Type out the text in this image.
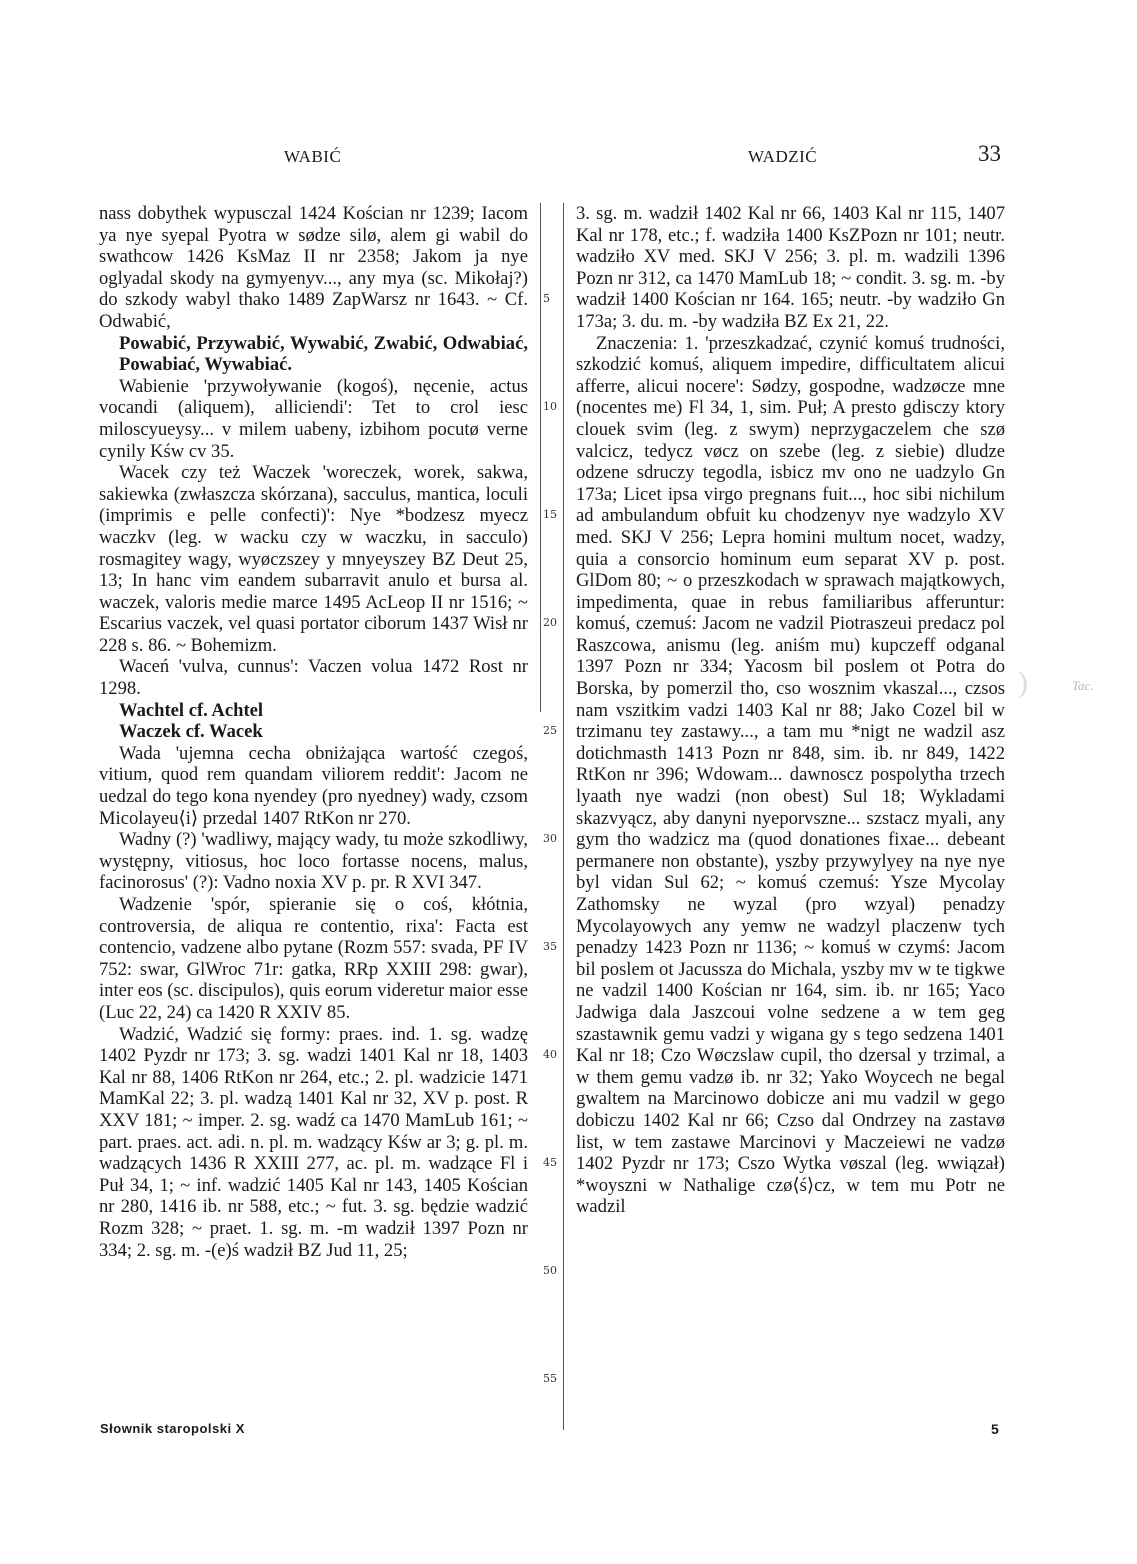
WABIĆ	WADZIĆ	33

nass dobythek wypusczal 1424 Kościan nr 1239; Iacom ya nye syepal Pyotra w sødze silø, alem gi wabil do swathcow 1426 KsMaz II nr 2358; Jakom ja nye oglyadal skody na gymyenyv..., any mya (sc. Mikołaj?) do szkody wabyl thako 1489 ZapWarsz nr 1643. ~ Cf. Odwabić,

Powabić, Przywabić, Wywabić, Zwabić, Odwabiać, Powabiać, Wywabiać.

Wabienie 'przywoływanie (kogoś), nęcenie, actus vocandi (aliquem), alliciendi': Tet to crol iesc miloscyueysy... v milem uabeny, izbihom pocutø verne cynily Kśw cv 35.

Wacek czy też Waczek 'woreczek, worek, sakwa, sakiewka (zwłaszcza skórzana), sacculus, mantica, loculi (imprimis e pelle confecti)': Nye *bodzesz myecz waczkv (leg. w wacku czy w waczku, in sacculo) rosmagitey wagy, wyøczszey y mnyeyszey BZ Deut 25, 13; In hanc vim eandem subarravit anulo et bursa al. waczek, valoris medie marce 1495 AcLeop II nr 1516; ~ Escarius vaczek, vel quasi portator ciborum 1437 Wisł nr 228 s. 86. ~ Bohemizm.

Waceń 'vulva, cunnus': Vaczen volua 1472 Rost nr 1298.

Wachtel cf. Achtel

Waczek cf. Wacek

Wada 'ujemna cecha obniżająca wartość czegoś, vitium, quod rem quandam viliorem reddit': Jacom ne uedzal do tego kona nyendey (pro nyedney) wady, czsom Micolayeu⟨i⟩ przedal 1407 RtKon nr 270.

Wadny (?) 'wadliwy, mający wady, tu może szkodliwy, występny, vitiosus, hoc loco fortasse nocens, malus, facinorosus' (?): Vadno noxia XV p. pr. R XVI 347.

Wadzenie 'spór, spieranie się o coś, kłótnia, controversia, de aliqua re contentio, rixa': Facta est contencio, vadzene albo pytane (Rozm 557: svada, PF IV 752: swar, GlWroc 71r: gatka, RRp XXIII 298: gwar), inter eos (sc. discipulos), quis eorum videretur maior esse (Luc 22, 24) ca 1420 R XXIV 85.

Wadzić, Wadzić się formy: praes. ind. 1. sg. wadzę 1402 Pyzdr nr 173; 3. sg. wadzi 1401 Kal nr 18, 1403 Kal nr 88, 1406 RtKon nr 264, etc.; 2. pl. wadzicie 1471 MamKal 22; 3. pl. wadzą 1401 Kal nr 32, XV p. post. R XXV 181; ~ imper. 2. sg. wadź ca 1470 MamLub 161; ~ part. praes. act. adi. n. pl. m. wadzący Kśw ar 3; g. pl. m. wadzących 1436 R XXIII 277, ac. pl. m. wadzące Fl i Puł 34, 1; ~ inf. wadzić 1405 Kal nr 143, 1405 Kościan nr 280, 1416 ib. nr 588, etc.; ~ fut. 3. sg. będzie wadzić Rozm 328; ~ praet. 1. sg. m. -m wadził 1397 Pozn nr 334; 2. sg. m. -(e)ś wadził BZ Jud 11, 25;

5
10
15
20
25
30
35
40
45
50
55

3. sg. m. wadził 1402 Kal nr 66, 1403 Kal nr 115, 1407 Kal nr 178, etc.; f. wadziła 1400 KsZPozn nr 101; neutr. wadziło XV med. SKJ V 256; 3. pl. m. wadzili 1396 Pozn nr 312, ca 1470 MamLub 18; ~ condit. 3. sg. m. -by wadził 1400 Kościan nr 164. 165; neutr. -by wadziło Gn 173a; 3. du. m. -by wadziła BZ Ex 21, 22.

Znaczenia: 1. 'przeszkadzać, czynić komuś trudności, szkodzić komuś, aliquem impedire, difficultatem alicui afferre, alicui nocere': Sødzy, gospodne, wadzøcze mne (nocentes me) Fl 34, 1, sim. Puł; A presto gdisczy ktory clouek svim (leg. z swym) neprzygaczelem che szø valcicz, tedycz vøcz on szebe (leg. z siebie) dludze odzene sdruczy tegodla, isbicz mv ono ne uadzylo Gn 173a; Licet ipsa virgo pregnans fuit..., hoc sibi nichilum ad ambulandum obfuit ku chodzenyv nye wadzylo XV med. SKJ V 256; Lepra homini multum nocet, wadzy, quia a consorcio hominum eum separat XV p. post. GlDom 80; ~ o przeszkodach w sprawach majątkowych, impedimenta, quae in rebus familiaribus afferuntur: komuś, czemuś: Jacom ne vadzil Piotraszeui predacz pol Raszcowa, anismu (leg. aniśm mu) kupczeff odganal 1397 Pozn nr 334; Yacosm bil poslem ot Potra do Borska, by pomerzil tho, cso wosznim vkaszal..., czsos nam vszitkim vadzi 1403 Kal nr 88; Jako Cozel bil w trzimanu tey zastawy..., a tam mu *nigt ne wadzil asz dotichmasth 1413 Pozn nr 848, sim. ib. nr 849, 1422 RtKon nr 396; Wdowam... dawnoscz pospolytha trzech lyaath nye wadzi (non obest) Sul 18; Wykladami skazvyącz, aby danyni nyeporvszne... szstacz myali, any gym tho wadzicz ma (quod donationes fixae... debeant permanere non obstante), yszby przywylyey na nye nye byl vidan Sul 62; ~ komuś czemuś: Ysze Mycolay Zathomsky ne wyzal (pro wzyal) penadzy Mycolayowych any yemw ne wadzyl placzenw tych penadzy 1423 Pozn nr 1136; ~ komuś w czymś: Jacom bil poslem ot Jacussza do Michala, yszby mv w te tigkwe ne vadzil 1400 Kościan nr 164, sim. ib. nr 165; Yaco Jadwiga dala Jaszcoui volne sedzene a w tem geg szastawnik gemu vadzi y wigana gy s tego sedzena 1401 Kal nr 18; Czo Wøczslaw cupil, tho dzersal y trzimal, a w them gemu vadzø ib. nr 32; Yako Woycech ne begal gwaltem na Marcinowo dobicze ani mu vadzil w gego dobiczu 1402 Kal nr 66; Czso dal Ondrzey na zastavø list, w tem zastawe Marcinovi y Maczeiewi ne vadzø 1402 Pyzdr nr 173; Cszo Wytka vøszal (leg. wwiązał) *woyszni w Nathalige czø⟨ś⟩cz, w tem mu Potr ne wadzil

)	Tac.
Słownik staropolski X	5
